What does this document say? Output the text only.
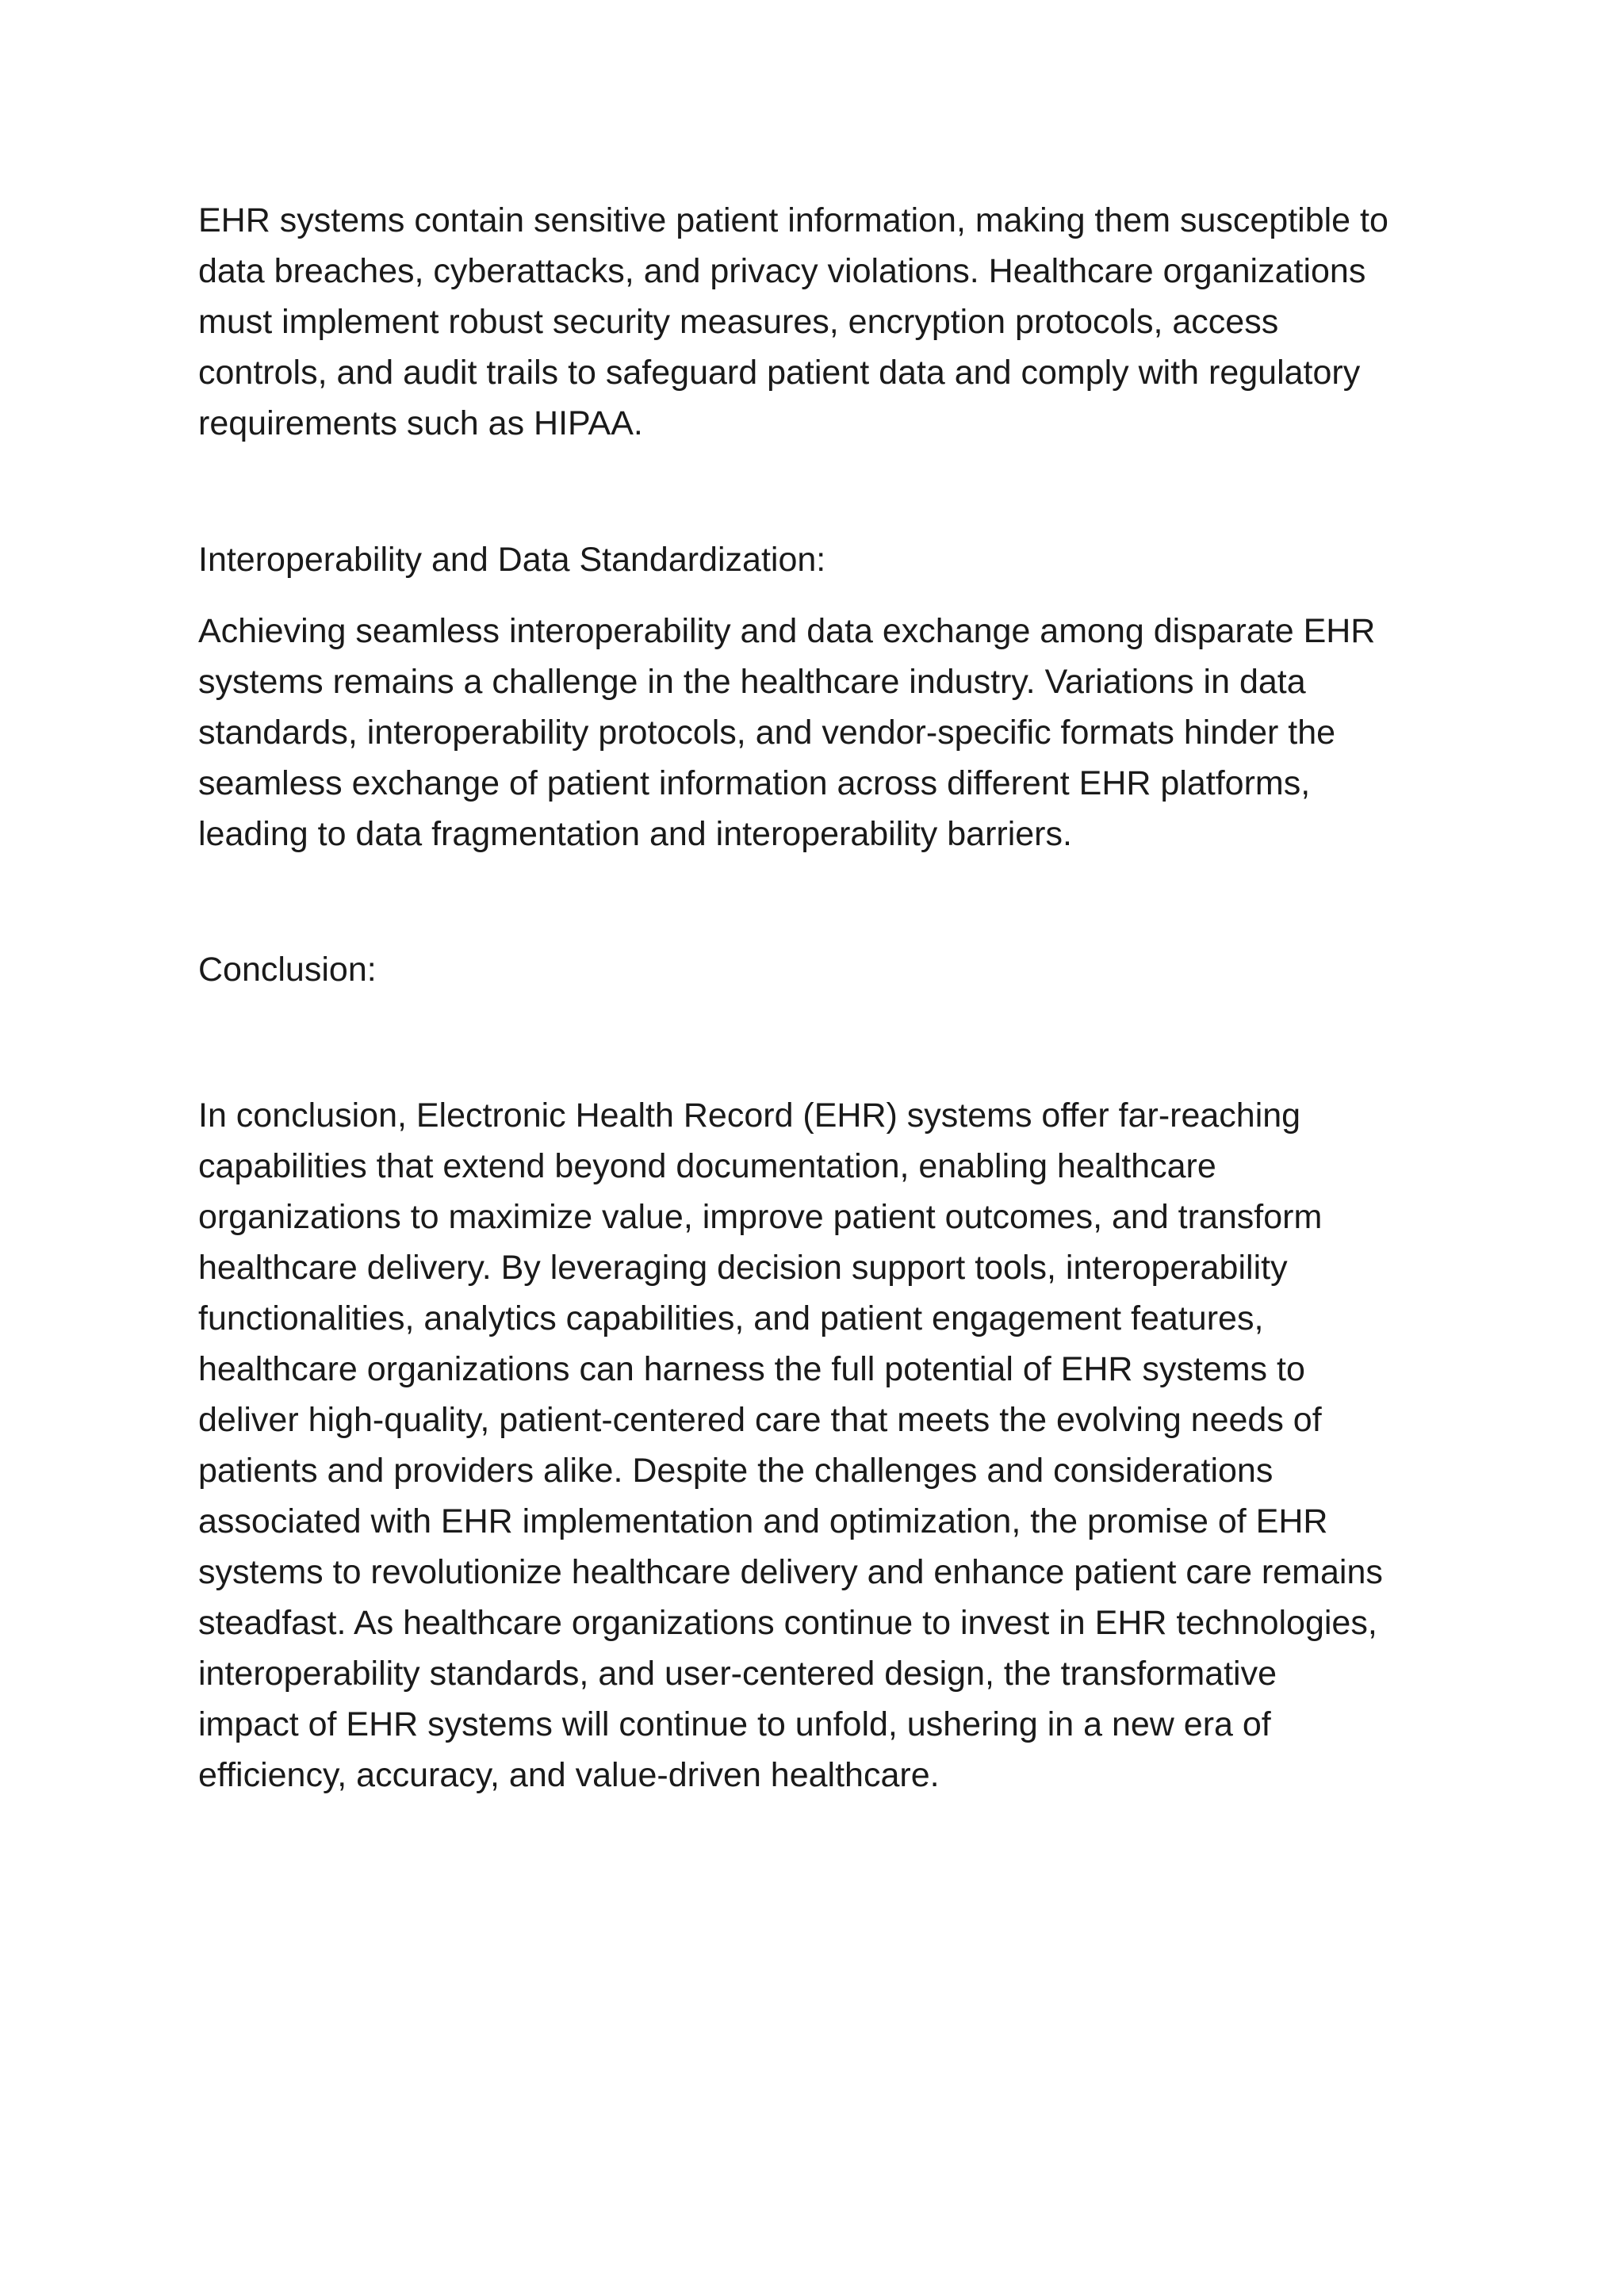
EHR systems contain sensitive patient information, making them susceptible to
data breaches, cyberattacks, and privacy violations. Healthcare organizations
must implement robust security measures, encryption protocols, access
controls, and audit trails to safeguard patient data and comply with regulatory
requirements such as HIPAA.

Interoperability and Data Standardization:

Achieving seamless interoperability and data exchange among disparate EHR
systems remains a challenge in the healthcare industry. Variations in data
standards, interoperability protocols, and vendor-specific formats hinder the
seamless exchange of patient information across different EHR platforms,
leading to data fragmentation and interoperability barriers.

Conclusion:

In conclusion, Electronic Health Record (EHR) systems offer far-reaching
capabilities that extend beyond documentation, enabling healthcare
organizations to maximize value, improve patient outcomes, and transform
healthcare delivery. By leveraging decision support tools, interoperability
functionalities, analytics capabilities, and patient engagement features,
healthcare organizations can harness the full potential of EHR systems to
deliver high-quality, patient-centered care that meets the evolving needs of
patients and providers alike. Despite the challenges and considerations
associated with EHR implementation and optimization, the promise of EHR
systems to revolutionize healthcare delivery and enhance patient care remains
steadfast. As healthcare organizations continue to invest in EHR technologies,
interoperability standards, and user-centered design, the transformative
impact of EHR systems will continue to unfold, ushering in a new era of
efficiency, accuracy, and value-driven healthcare.
